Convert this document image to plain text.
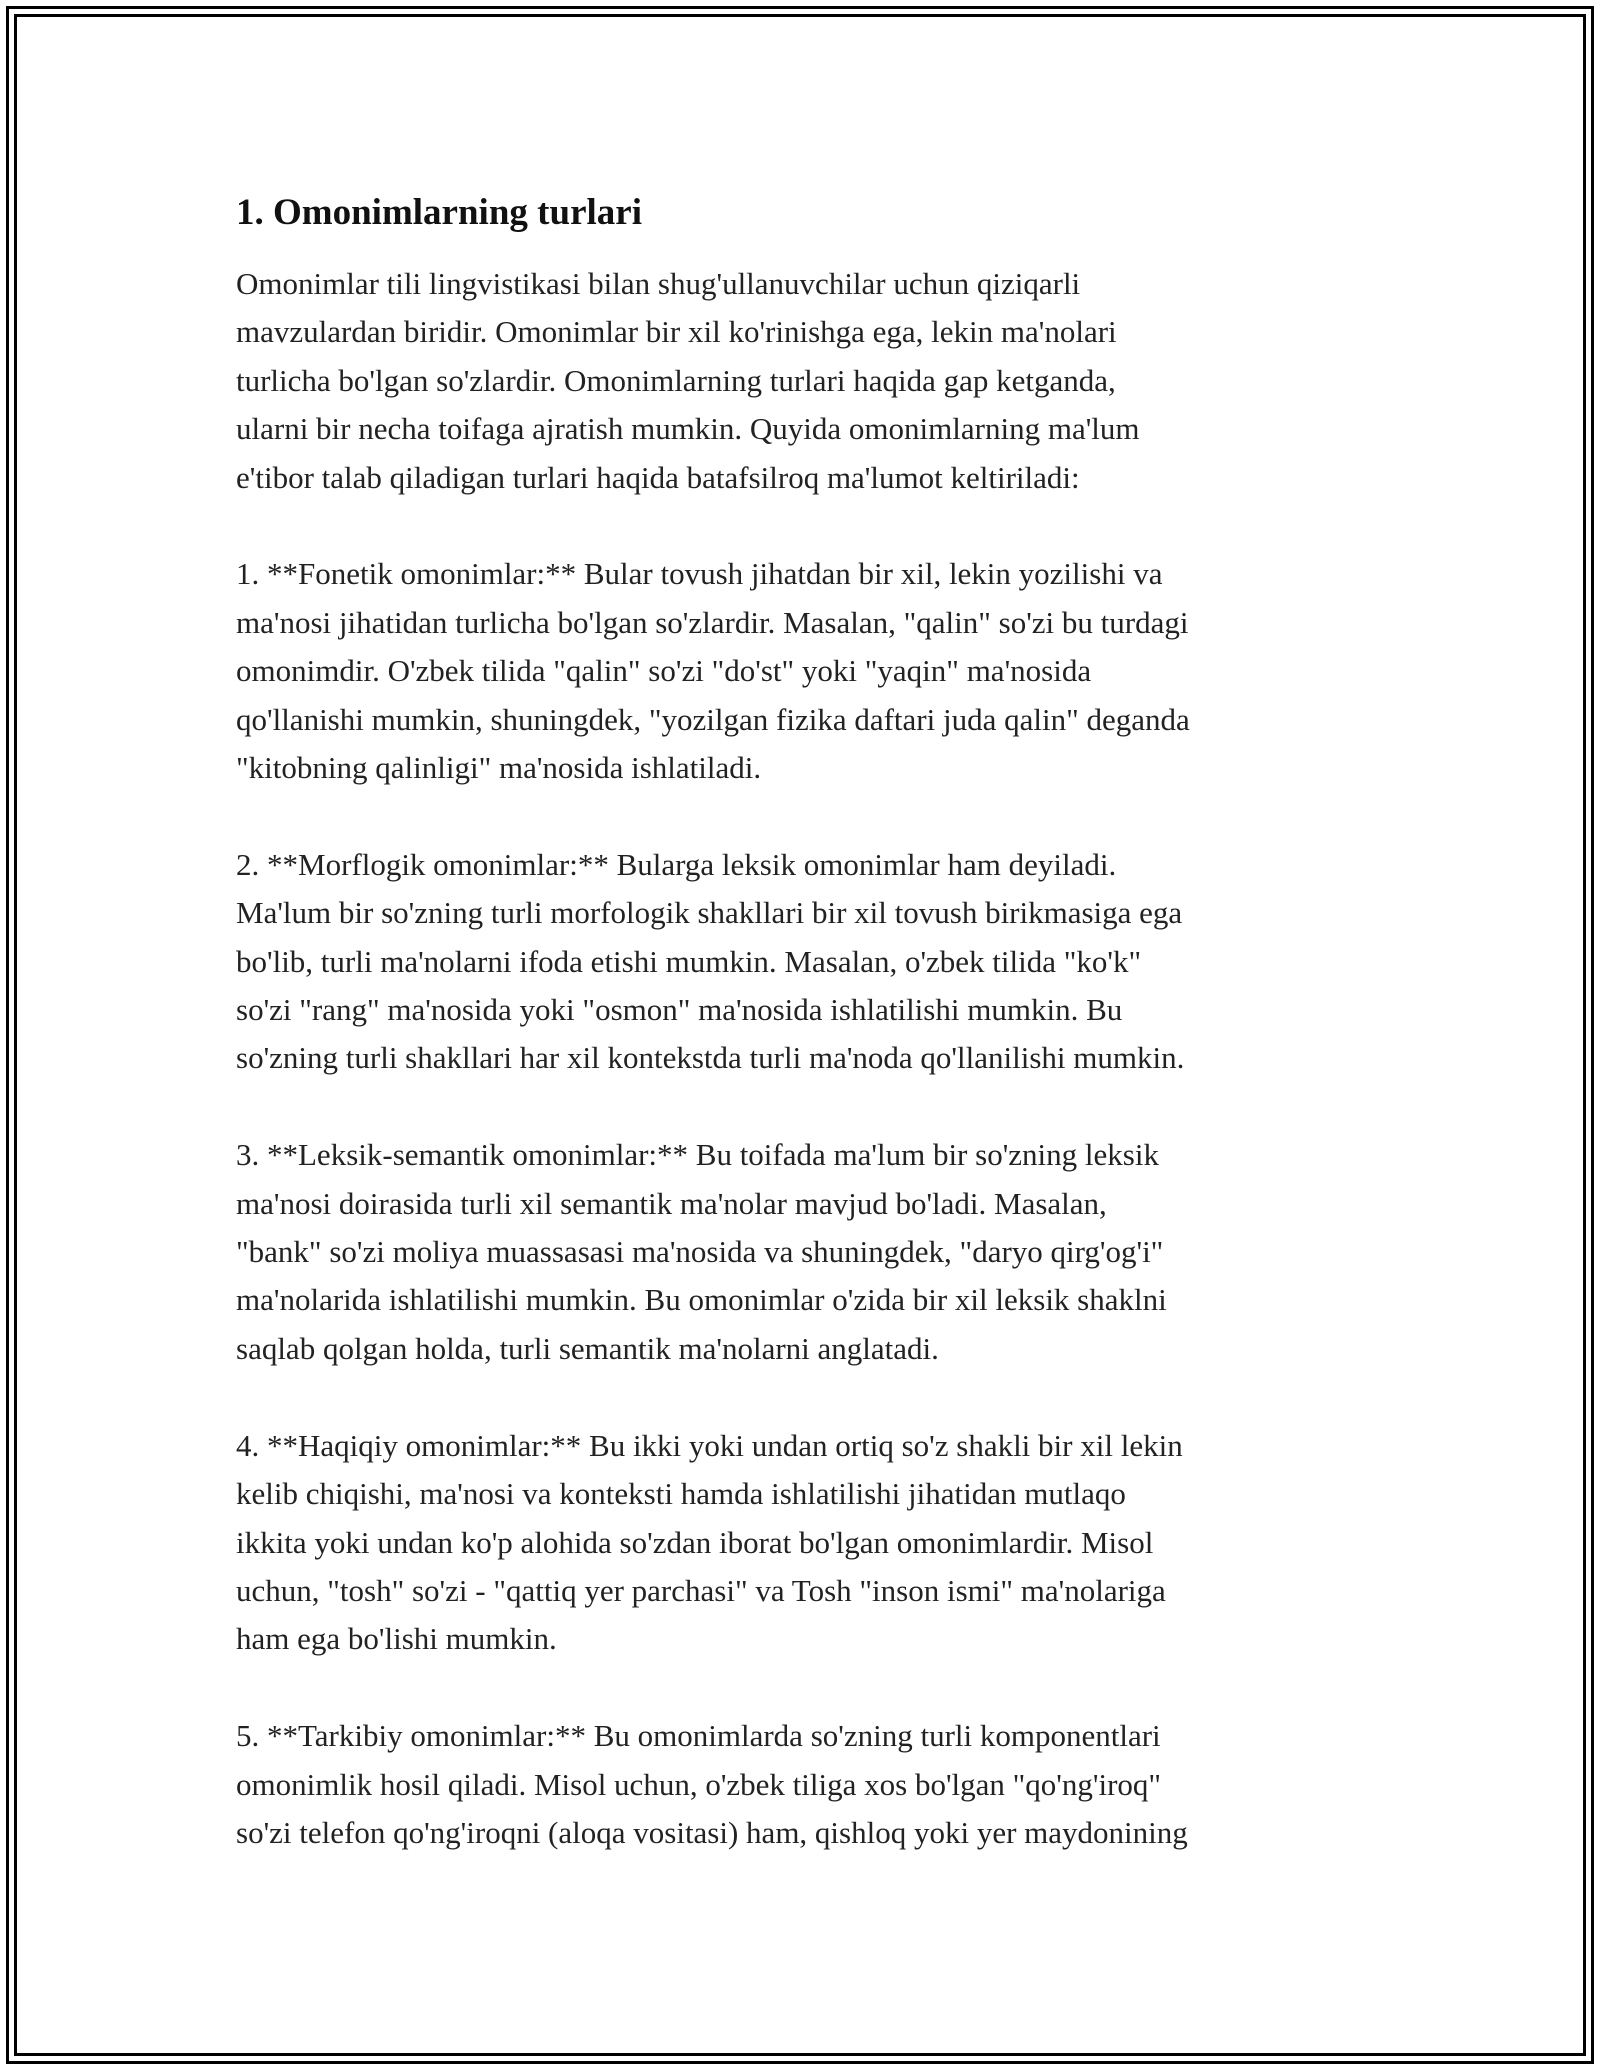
1. Omonimlarning turlari

Omonimlar tili lingvistikasi bilan shug'ullanuvchilar uchun qiziqarli
mavzulardan biridir. Omonimlar bir xil ko'rinishga ega, lekin ma'nolari
turlicha bo'lgan so'zlardir. Omonimlarning turlari haqida gap ketganda,
ularni bir necha toifaga ajratish mumkin. Quyida omonimlarning ma'lum
e'tibor talab qiladigan turlari haqida batafsilroq ma'lumot keltiriladi:

1. **Fonetik omonimlar:** Bular tovush jihatdan bir xil, lekin yozilishi va
ma'nosi jihatidan turlicha bo'lgan so'zlardir. Masalan, "qalin" so'zi bu turdagi
omonimdir. O'zbek tilida "qalin" so'zi "do'st" yoki "yaqin" ma'nosida
qo'llanishi mumkin, shuningdek, "yozilgan fizika daftari juda qalin" deganda
"kitobning qalinligi" ma'nosida ishlatiladi.

2. **Morflogik omonimlar:** Bularga leksik omonimlar ham deyiladi.
Ma'lum bir so'zning turli morfologik shakllari bir xil tovush birikmasiga ega
bo'lib, turli ma'nolarni ifoda etishi mumkin. Masalan, o'zbek tilida "ko'k"
so'zi "rang" ma'nosida yoki "osmon" ma'nosida ishlatilishi mumkin. Bu
so'zning turli shakllari har xil kontekstda turli ma'noda qo'llanilishi mumkin.

3. **Leksik-semantik omonimlar:** Bu toifada ma'lum bir so'zning leksik
ma'nosi doirasida turli xil semantik ma'nolar mavjud bo'ladi. Masalan,
"bank" so'zi moliya muassasasi ma'nosida va shuningdek, "daryo qirg'og'i"
ma'nolarida ishlatilishi mumkin. Bu omonimlar o'zida bir xil leksik shaklni
saqlab qolgan holda, turli semantik ma'nolarni anglatadi.

4. **Haqiqiy omonimlar:** Bu ikki yoki undan ortiq so'z shakli bir xil lekin
kelib chiqishi, ma'nosi va konteksti hamda ishlatilishi jihatidan mutlaqo
ikkita yoki undan ko'p alohida so'zdan iborat bo'lgan omonimlardir. Misol
uchun, "tosh" so'zi - "qattiq yer parchasi" va Tosh "inson ismi" ma'nolariga
ham ega bo'lishi mumkin.

5. **Tarkibiy omonimlar:** Bu omonimlarda so'zning turli komponentlari
omonimlik hosil qiladi. Misol uchun, o'zbek tiliga xos bo'lgan "qo'ng'iroq"
so'zi telefon qo'ng'iroqni (aloqa vositasi) ham, qishloq yoki yer maydonining
